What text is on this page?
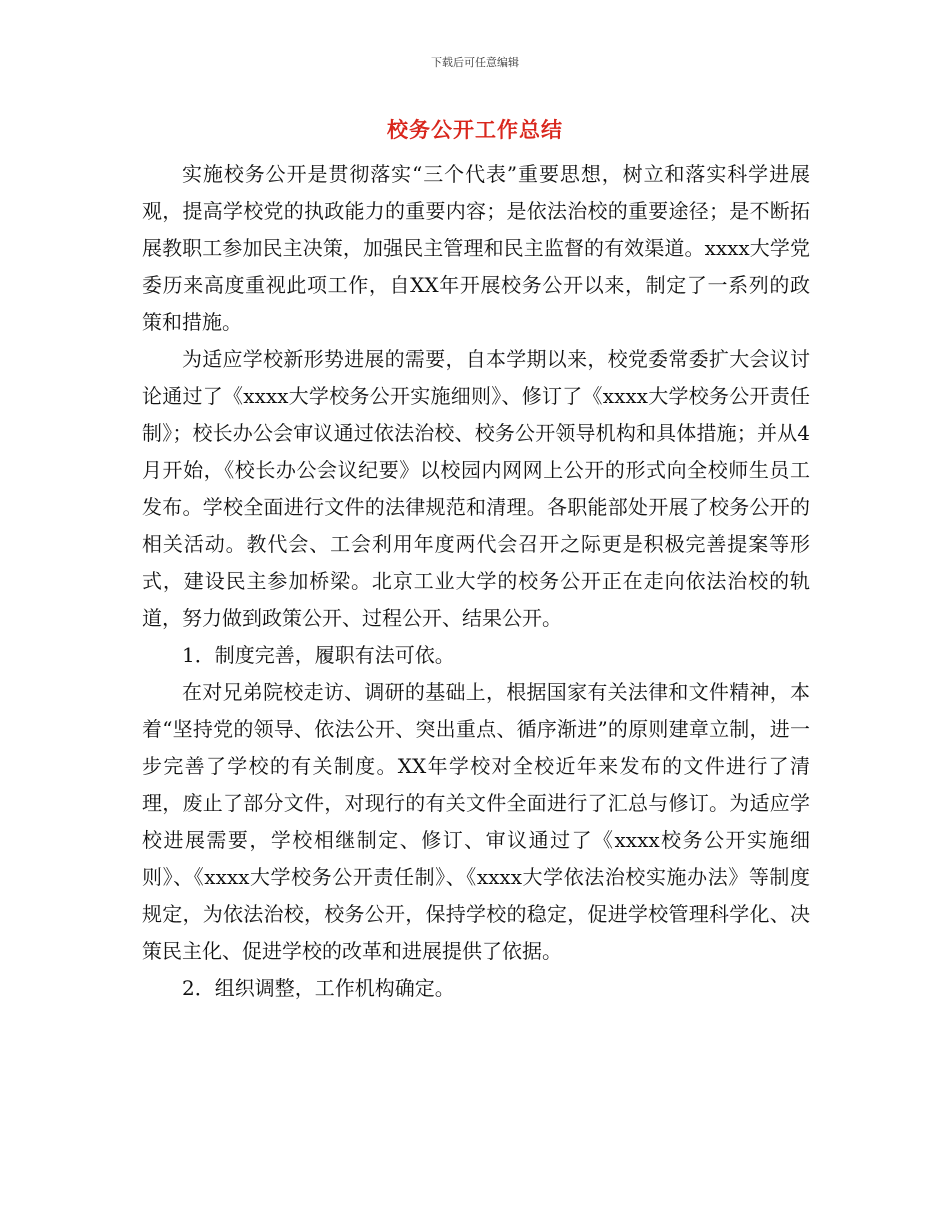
下载后可任意编辑
校务公开工作总结

实施校务公开是贯彻落实“三个代表”重要思想，树立和落实科学进展观，提高学校党的执政能力的重要内容；是依法治校的重要途径；是不断拓展教职工参加民主决策，加强民主管理和民主监督的有效渠道。xxxx大学党委历来高度重视此项工作，自XX年开展校务公开以来，制定了一系列的政策和措施。

为适应学校新形势进展的需要，自本学期以来，校党委常委扩大会议讨论通过了《xxxx大学校务公开实施细则》、修订了《xxxx大学校务公开责任制》；校长办公会审议通过依法治校、校务公开领导机构和具体措施；并从4月开始，《校长办公会议纪要》以校园内网网上公开的形式向全校师生员工发布。学校全面进行文件的法律规范和清理。各职能部处开展了校务公开的相关活动。教代会、工会利用年度两代会召开之际更是积极完善提案等形式，建设民主参加桥梁。北京工业大学的校务公开正在走向依法治校的轨道，努力做到政策公开、过程公开、结果公开。

1．制度完善，履职有法可依。

在对兄弟院校走访、调研的基础上，根据国家有关法律和文件精神，本着“坚持党的领导、依法公开、突出重点、循序渐进”的原则建章立制，进一步完善了学校的有关制度。XX年学校对全校近年来发布的文件进行了清理，废止了部分文件，对现行的有关文件全面进行了汇总与修订。为适应学校进展需要，学校相继制定、修订、审议通过了《xxxx校务公开实施细则》、《xxxx大学校务公开责任制》、《xxxx大学依法治校实施办法》等制度规定，为依法治校，校务公开，保持学校的稳定，促进学校管理科学化、决策民主化、促进学校的改革和进展提供了依据。

2．组织调整，工作机构确定。
